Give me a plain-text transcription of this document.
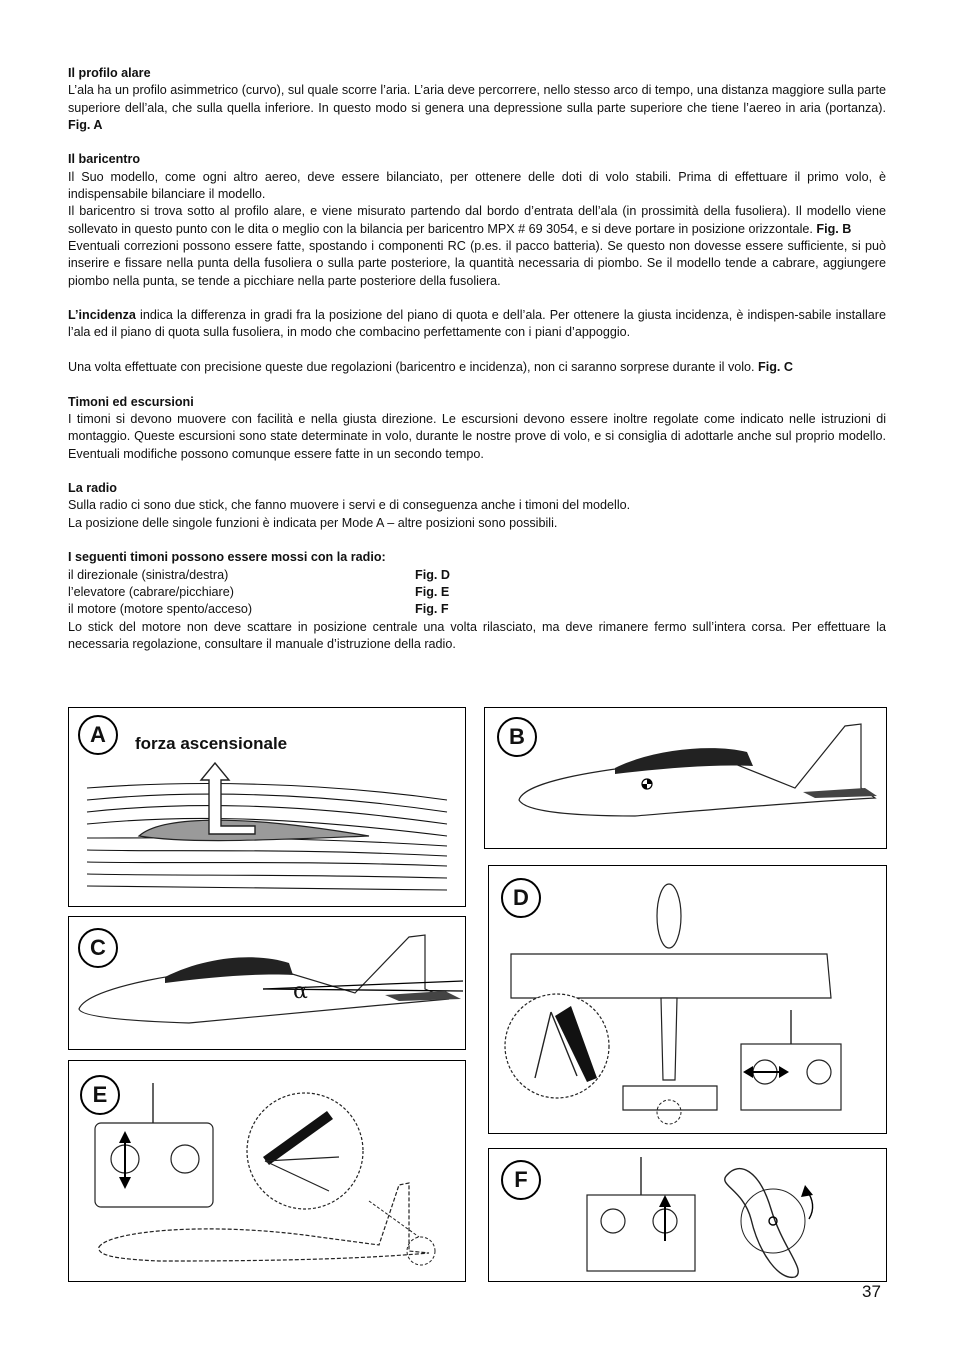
Il profilo alare

L’ala ha un profilo asimmetrico (curvo), sul quale scorre l’aria. L’aria deve percorrere, nello stesso arco di tempo, una distanza maggiore sulla parte superiore dell’ala, che sulla quella inferiore. In questo modo si genera una depressione sulla parte superiore che tiene l’aereo in aria (portanza). Fig. A

Il baricentro

Il Suo modello, come ogni altro aereo, deve essere bilanciato, per ottenere delle doti di volo stabili. Prima di effettuare il primo volo, è indispensabile bilanciare il modello.

Il baricentro si trova sotto al profilo alare, e viene misurato partendo dal bordo d’entrata dell’ala (in prossimità della fusoliera). Il modello viene sollevato in questo punto con le dita o meglio con la bilancia per baricentro MPX # 69 3054, e si deve portare in posizione orizzontale. Fig. B

Eventuali correzioni possono essere fatte, spostando i componenti RC (p.es. il pacco batteria). Se questo non dovesse essere sufficiente, si può inserire e fissare nella punta della fusoliera o sulla parte posteriore, la quantità necessaria di piombo. Se il modello tende a cabrare, aggiungere piombo nella punta, se tende a picchiare nella parte posteriore della fusoliera.

L’incidenza indica la differenza in gradi fra la posizione del piano di quota e dell’ala. Per ottenere la giusta incidenza, è indispen-sabile installare l’ala ed il piano di quota sulla fusoliera, in modo che combacino perfettamente con i piani d’appoggio.

Una volta effettuate con precisione queste due regolazioni (baricentro e incidenza), non ci saranno sorprese durante il volo. Fig. C

Timoni ed escursioni

I timoni si devono muovere con facilità e nella giusta direzione. Le escursioni devono essere inoltre regolate come indicato nelle istruzioni di montaggio. Queste escursioni sono state determinate in volo, durante le nostre prove di volo, e si consiglia di adottarle anche sul proprio modello. Eventuali modifiche possono comunque essere fatte in un secondo tempo.

La radio

Sulla radio ci sono due stick, che fanno muovere i servi e di conseguenza anche i timoni del modello.

La posizione delle singole funzioni è indicata per Mode A – altre posizioni sono possibili.

I seguenti timoni possono essere mossi con la radio:

il direzionale (sinistra/destra)	Fig. D
l’elevatore (cabrare/picchiare)	Fig. E
il motore (motore spento/acceso)	Fig. F

Lo stick del motore non deve scattare in posizione centrale una volta rilasciato, ma deve rimanere fermo sull’intera corsa. Per effettuare la necessaria regolazione, consultare il manuale d’istruzione della radio.

A forza ascensionale	B
C
α
D
E
F
37
